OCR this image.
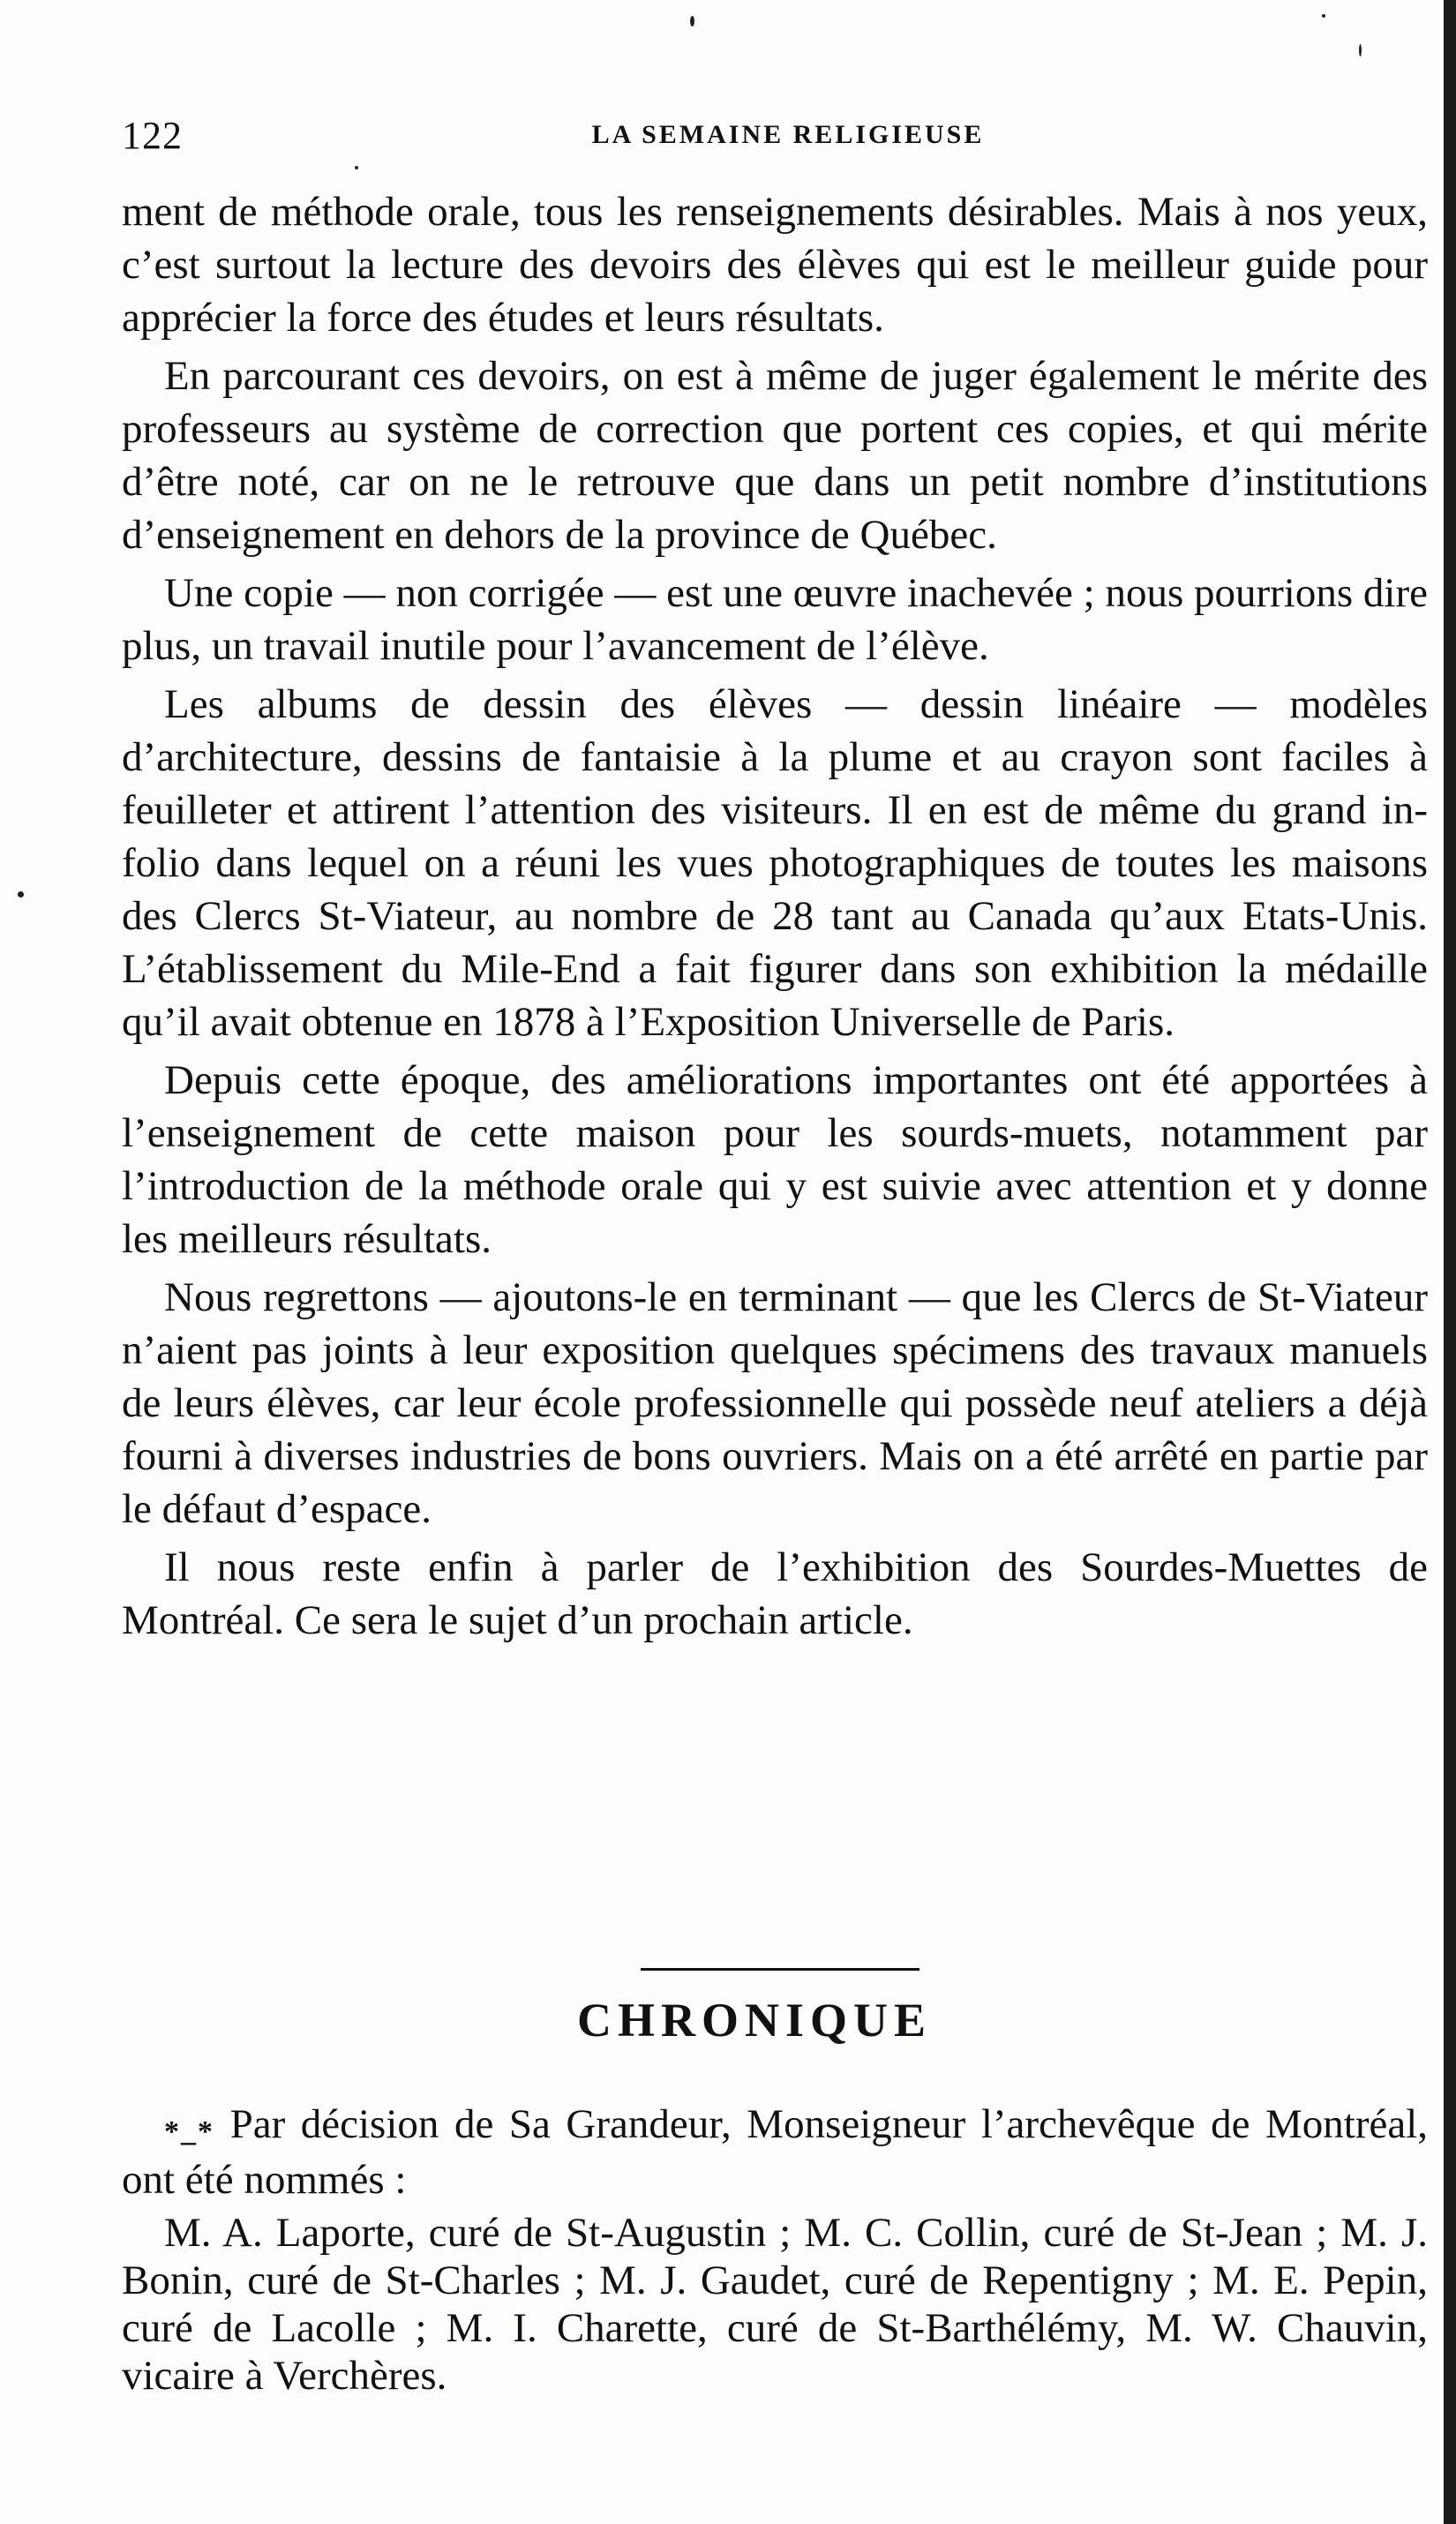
122	LA SEMAINE RELIGIEUSE

ment de méthode orale, tous les renseignements désirables. Mais à nos yeux, c’est surtout la lecture des devoirs des élèves qui est le meilleur guide pour apprécier la force des études et leurs résultats.

En parcourant ces devoirs, on est à même de juger également le mérite des professeurs au système de correction que portent ces copies, et qui mérite d’être noté, car on ne le retrouve que dans un petit nombre d’institutions d’enseignement en dehors de la province de Québec.

Une copie — non corrigée — est une œuvre inachevée ; nous pourrions dire plus, un travail inutile pour l’avancement de l’élève.

Les albums de dessin des élèves — dessin linéaire — modèles d’architecture, dessins de fantaisie à la plume et au crayon sont faciles à feuilleter et attirent l’attention des visiteurs. Il en est de même du grand in-folio dans lequel on a réuni les vues photographiques de toutes les maisons des Clercs St-Viateur, au nombre de 28 tant au Canada qu’aux Etats-Unis. L’établissement du Mile-End a fait figurer dans son exhibition la médaille qu’il avait obtenue en 1878 à l’Exposition Universelle de Paris.

Depuis cette époque, des améliorations importantes ont été apportées à l’enseignement de cette maison pour les sourds-muets, notamment par l’introduction de la méthode orale qui y est suivie avec attention et y donne les meilleurs résultats.

Nous regrettons — ajoutons-le en terminant — que les Clercs de St-Viateur n’aient pas joints à leur exposition quelques spécimens des travaux manuels de leurs élèves, car leur école professionnelle qui possède neuf ateliers a déjà fourni à diverses industries de bons ouvriers. Mais on a été arrêté en partie par le défaut d’espace.

Il nous reste enfin à parler de l’exhibition des Sourdes-Muettes de Montréal. Ce sera le sujet d’un prochain article.

CHRONIQUE

*_* Par décision de Sa Grandeur, Monseigneur l’archevêque de Montréal, ont été nommés :

M. A. Laporte, curé de St-Augustin ; M. C. Collin, curé de St-Jean ; M. J. Bonin, curé de St-Charles ; M. J. Gaudet, curé de Repentigny ; M. E. Pepin, curé de Lacolle ; M. I. Charette, curé de St-Barthélémy, M. W. Chauvin, vicaire à Verchères.
